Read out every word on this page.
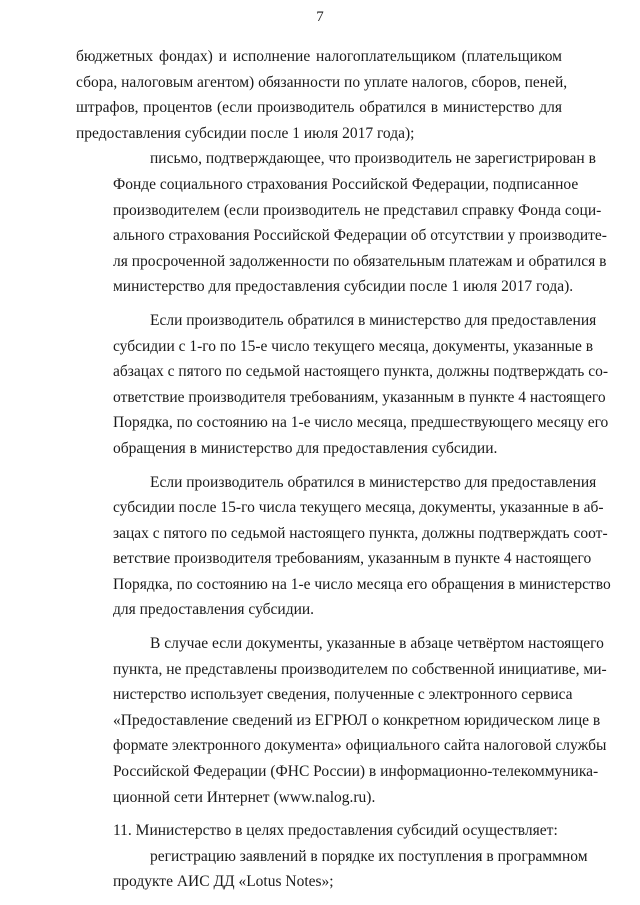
7

бюджетных фондах) и исполнение налогоплательщиком (плательщиком
сбора, налоговым агентом) обязанности по уплате налогов, сборов, пеней,
штрафов, процентов (если производитель обратился в министерство для
предоставления субсидии после 1 июля 2017 года);

письмо, подтверждающее, что производитель не зарегистрирован в
Фонде социального страхования Российской Федерации, подписанное
производителем (если производитель не представил справку Фонда соци-
ального страхования Российской Федерации об отсутствии у производите-
ля просроченной задолженности по обязательным платежам и обратился в
министерство для предоставления субсидии после 1 июля 2017 года).

Если производитель обратился в министерство для предоставления
субсидии с 1-го по 15-е число текущего месяца, документы, указанные в
абзацах с пятого по седьмой настоящего пункта, должны подтверждать со-
ответствие производителя требованиям, указанным в пункте 4 настоящего
Порядка, по состоянию на 1-е число месяца, предшествующего месяцу его
обращения в министерство для предоставления субсидии.

Если производитель обратился в министерство для предоставления
субсидии после 15-го числа текущего месяца, документы, указанные в аб-
зацах с пятого по седьмой настоящего пункта, должны подтверждать соот-
ветствие производителя требованиям, указанным в пункте 4 настоящего
Порядка, по состоянию на 1-е число месяца его обращения в министерство
для предоставления субсидии.

В случае если документы, указанные в абзаце четвёртом настоящего
пункта, не представлены производителем по собственной инициативе, ми-
нистерство использует сведения, полученные с электронного сервиса
«Предоставление сведений из ЕГРЮЛ о конкретном юридическом лице в
формате электронного документа» официального сайта налоговой службы
Российской Федерации (ФНС России) в информационно-телекоммуника-
ционной сети Интернет (www.nalog.ru).

11. Министерство в целях предоставления субсидий осуществляет:

регистрацию заявлений в порядке их поступления в программном
продукте АИС ДД «Lotus Notes»;
